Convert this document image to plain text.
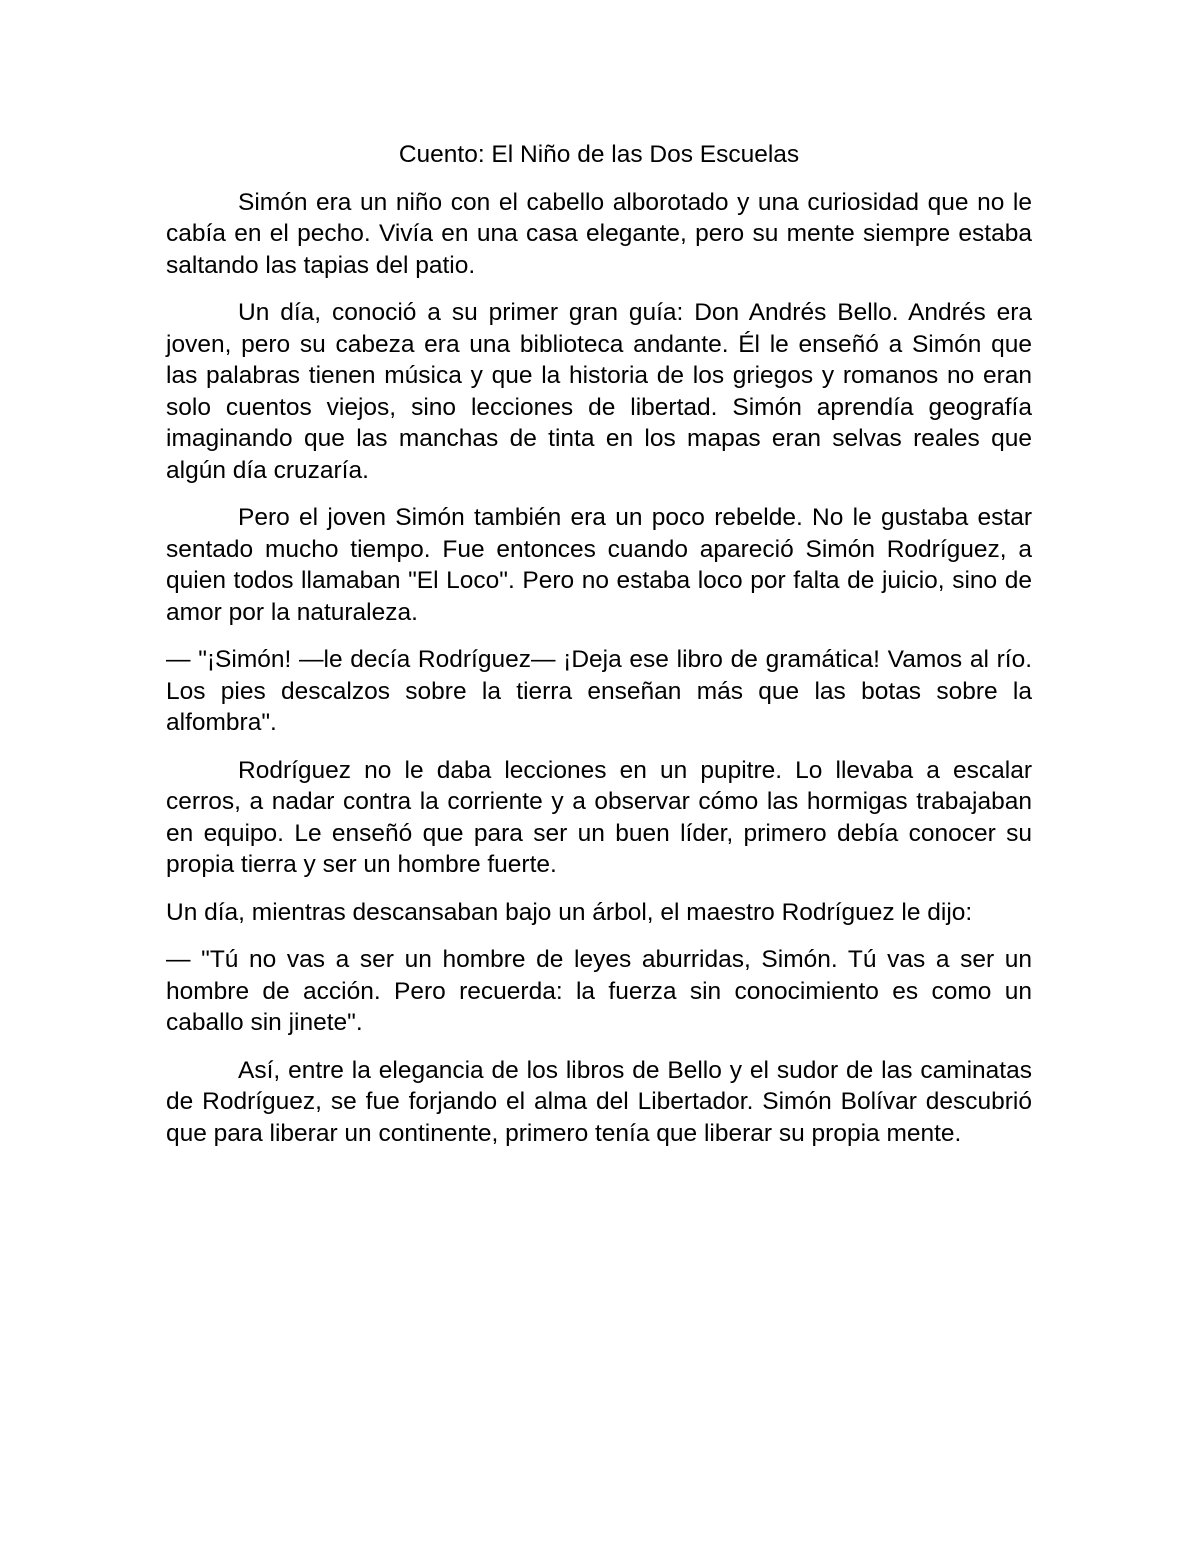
Cuento: El Niño de las Dos Escuelas

Simón era un niño con el cabello alborotado y una curiosidad que no le cabía en el pecho. Vivía en una casa elegante, pero su mente siempre estaba saltando las tapias del patio.

Un día, conoció a su primer gran guía: Don Andrés Bello. Andrés era joven, pero su cabeza era una biblioteca andante. Él le enseñó a Simón que las palabras tienen música y que la historia de los griegos y romanos no eran solo cuentos viejos, sino lecciones de libertad. Simón aprendía geografía imaginando que las manchas de tinta en los mapas eran selvas reales que algún día cruzaría.

Pero el joven Simón también era un poco rebelde. No le gustaba estar sentado mucho tiempo. Fue entonces cuando apareció Simón Rodríguez, a quien todos llamaban "El Loco". Pero no estaba loco por falta de juicio, sino de amor por la naturaleza.

— "¡Simón! —le decía Rodríguez— ¡Deja ese libro de gramática! Vamos al río. Los pies descalzos sobre la tierra enseñan más que las botas sobre la alfombra".

Rodríguez no le daba lecciones en un pupitre. Lo llevaba a escalar cerros, a nadar contra la corriente y a observar cómo las hormigas trabajaban en equipo. Le enseñó que para ser un buen líder, primero debía conocer su propia tierra y ser un hombre fuerte.

Un día, mientras descansaban bajo un árbol, el maestro Rodríguez le dijo:

— "Tú no vas a ser un hombre de leyes aburridas, Simón. Tú vas a ser un hombre de acción. Pero recuerda: la fuerza sin conocimiento es como un caballo sin jinete".

Así, entre la elegancia de los libros de Bello y el sudor de las caminatas de Rodríguez, se fue forjando el alma del Libertador. Simón Bolívar descubrió que para liberar un continente, primero tenía que liberar su propia mente.
